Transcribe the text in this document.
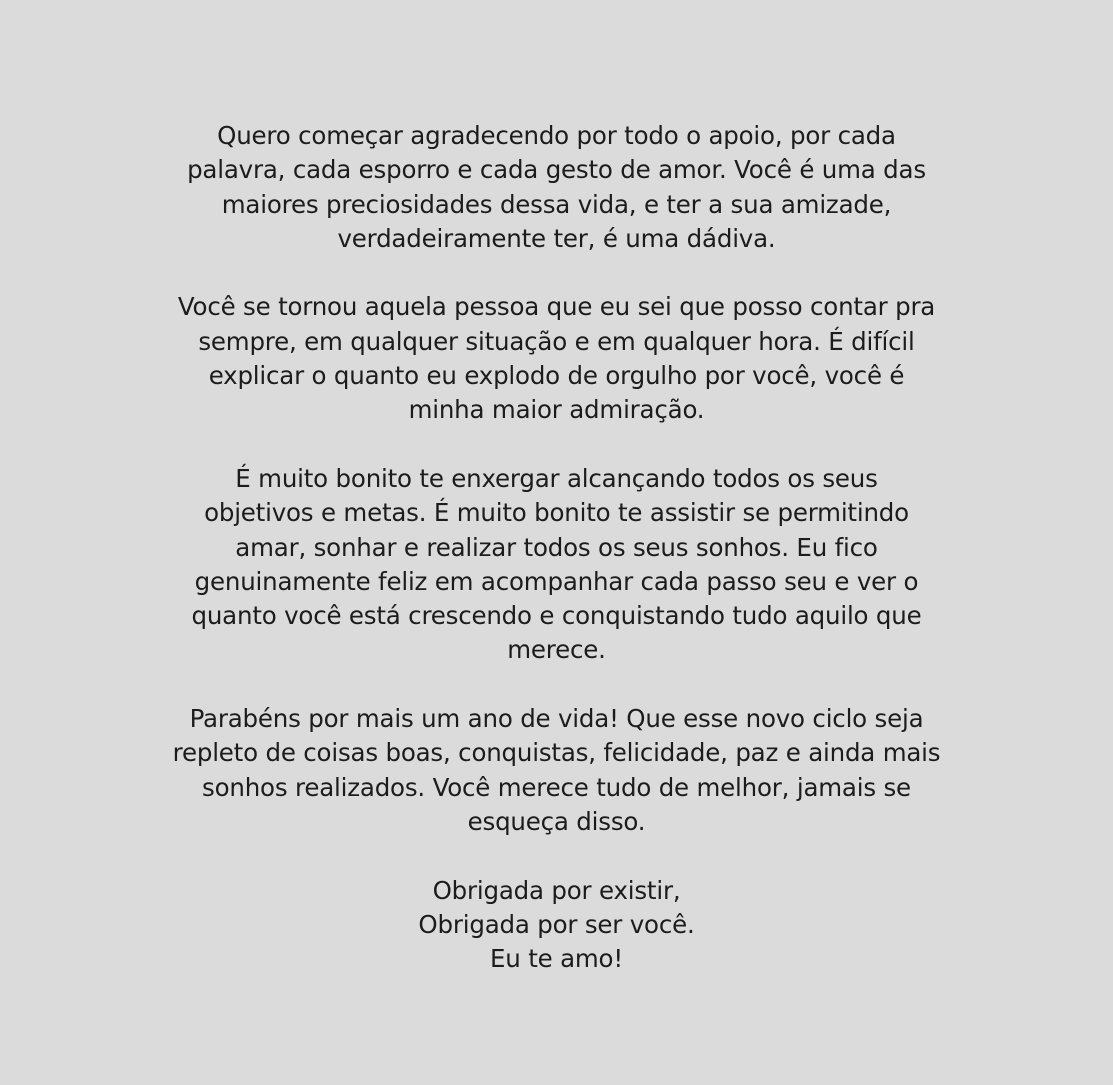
Quero começar agradecendo por todo o apoio, por cada
palavra, cada esporro e cada gesto de amor. Você é uma das
maiores preciosidades dessa vida, e ter a sua amizade,
verdadeiramente ter, é uma dádiva.

Você se tornou aquela pessoa que eu sei que posso contar pra
sempre, em qualquer situação e em qualquer hora. É difícil
explicar o quanto eu explodo de orgulho por você, você é
minha maior admiração.

É muito bonito te enxergar alcançando todos os seus
objetivos e metas. É muito bonito te assistir se permitindo
amar, sonhar e realizar todos os seus sonhos. Eu fico
genuinamente feliz em acompanhar cada passo seu e ver o
quanto você está crescendo e conquistando tudo aquilo que
merece.

Parabéns por mais um ano de vida! Que esse novo ciclo seja
repleto de coisas boas, conquistas, felicidade, paz e ainda mais
sonhos realizados. Você merece tudo de melhor, jamais se
esqueça disso.

Obrigada por existir,
Obrigada por ser você.
Eu te amo!
